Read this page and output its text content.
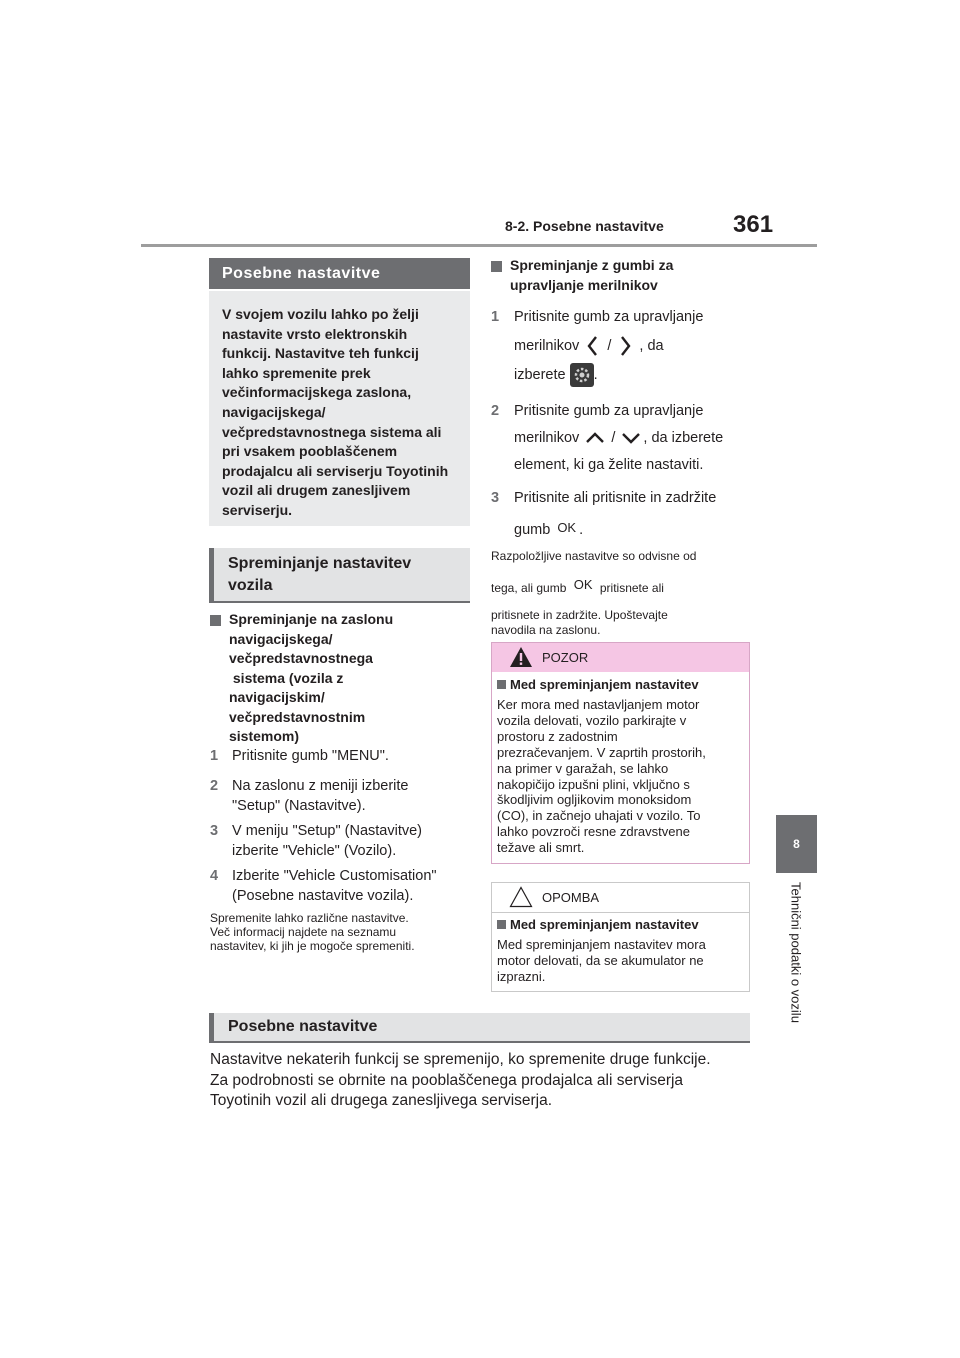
8-2. Posebne nastavitve	361
8
Tehnični podatki o vozilu
Posebne nastavitve
V svojem vozilu lahko po želji nastavite vrsto elektronskih funkcij. Nastavitve teh funkcij lahko spremenite prek večinformacijskega zaslona, navigacijskega/ večpredstavnostnega sistema ali pri vsakem pooblaščenem prodajalcu ali serviserju Toyotinih vozil ali drugem zanesljivem serviserju.
Spreminjanje nastavitev
vozila
Spreminjanje na zaslonu
navigacijskega/
večpredstavnostnega
sistema (vozila z
navigacijskim/
večpredstavnostnim
sistemom)
1 Pritisnite gumb "MENU".
2 Na zaslonu z meniji izberite
"Setup" (Nastavitve).
3 V meniju "Setup" (Nastavitve)
izberite "Vehicle" (Vozilo).
4 Izberite "Vehicle Customisation"
(Posebne nastavitve vozila).
Spremenite lahko različne nastavitve.
Več informacij najdete na seznamu
nastavitev, ki jih je mogoče spremeniti.
Spreminjanje z gumbi za
upravljanje merilnikov
1 Pritisnite gumb za upravljanje
merilnikov / , da
izberete .
2 Pritisnite gumb za upravljanje
merilnikov / , da izberete
element, ki ga želite nastaviti.
3 Pritisnite ali pritisnite in zadržite
gumb OK .
Razpoložljive nastavitve so odvisne od
tega, ali gumb OK pritisnete ali
pritisnete in zadržite. Upoštevajte
navodila na zaslonu.
POZOR
Med spreminjanjem nastavitev
Ker mora med nastavljanjem motor
vozila delovati, vozilo parkirajte v
prostoru z zadostnim
prezračevanjem. V zaprtih prostorih,
na primer v garažah, se lahko
nakopičijo izpušni plini, vključno s
škodljivim ogljikovim monoksidom
(CO), in začnejo uhajati v vozilo. To
lahko povzroči resne zdravstvene
težave ali smrt.
OPOMBA
Med spreminjanjem nastavitev
Med spreminjanjem nastavitev mora
motor delovati, da se akumulator ne
izprazni.
Posebne nastavitve
Nastavitve nekaterih funkcij se spremenijo, ko spremenite druge funkcije.
Za podrobnosti se obrnite na pooblaščenega prodajalca ali serviserja
Toyotinih vozil ali drugega zanesljivega serviserja.
